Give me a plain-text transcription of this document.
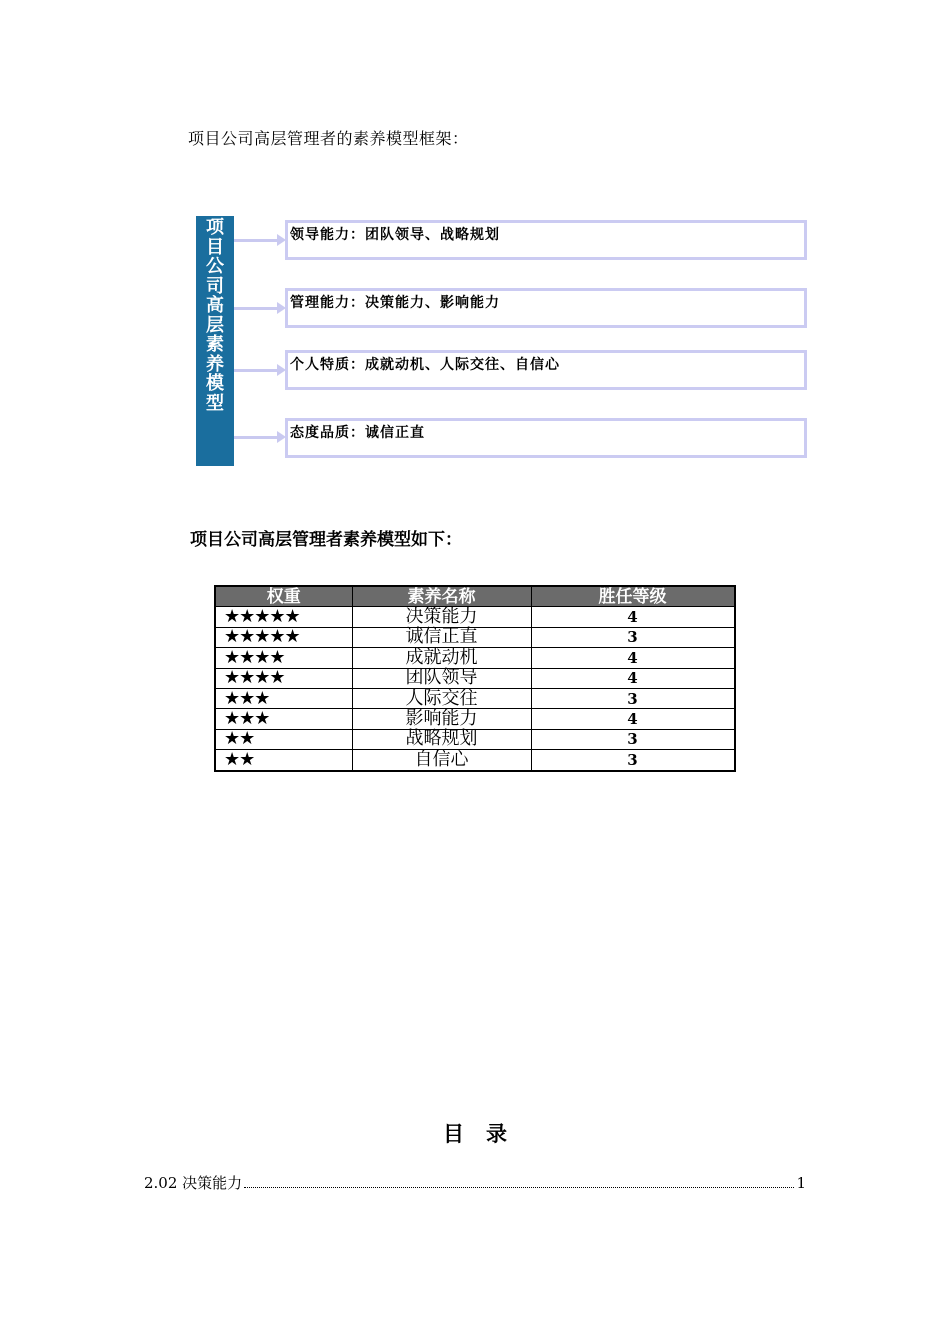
项目公司高层管理者的素养模型框架：
项
目
公
司
高
层
素
养
模
型
领导能力：团队领导、战略规划
管理能力：决策能力、影响能力
个人特质：成就动机、人际交往、自信心
态度品质：诚信正直
项目公司高层管理者素养模型如下：
权重	素养名称	胜任等级
★★★★★	决策能力	4
★★★★★	诚信正直	3
★★★★	成就动机	4
★★★★	团队领导	4
★★★	人际交往	3
★★★	影响能力	4
★★	战略规划	3
★★	自信心	3
目录
2.02 决策能力	1
